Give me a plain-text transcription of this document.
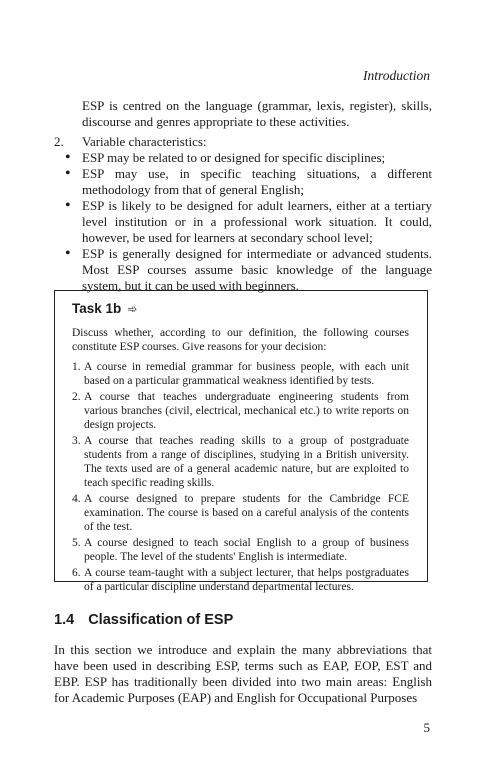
Introduction
ESP is centred on the language (grammar, lexis, register), skills, discourse and genres appropriate to these activities.
2.	Variable characteristics:
• ESP may be related to or designed for specific disciplines;
• ESP may use, in specific teaching situations, a different methodology from that of general English;
• ESP is likely to be designed for adult learners, either at a tertiary level institution or in a professional work situation. It could, however, be used for learners at secondary school level;
• ESP is generally designed for intermediate or advanced students. Most ESP courses assume basic knowledge of the language system, but it can be used with beginners.
Task 1b ➾
Discuss whether, according to our definition, the following courses constitute ESP courses. Give reasons for your decision:
1. A course in remedial grammar for business people, with each unit based on a particular grammatical weakness identified by tests.
2. A course that teaches undergraduate engineering students from various branches (civil, electrical, mechanical etc.) to write reports on design projects.
3. A course that teaches reading skills to a group of postgraduate students from a range of disciplines, studying in a British university. The texts used are of a general academic nature, but are exploited to teach specific reading skills.
4. A course designed to prepare students for the Cambridge FCE examination. The course is based on a careful analysis of the contents of the test.
5. A course designed to teach social English to a group of business people. The level of the students' English is intermediate.
6. A course team-taught with a subject lecturer, that helps postgraduates of a particular discipline understand departmental lectures.
1.4 Classification of ESP
In this section we introduce and explain the many abbreviations that have been used in describing ESP, terms such as EAP, EOP, EST and EBP. ESP has traditionally been divided into two main areas: English for Academic Purposes (EAP) and English for Occupational Purposes
5
